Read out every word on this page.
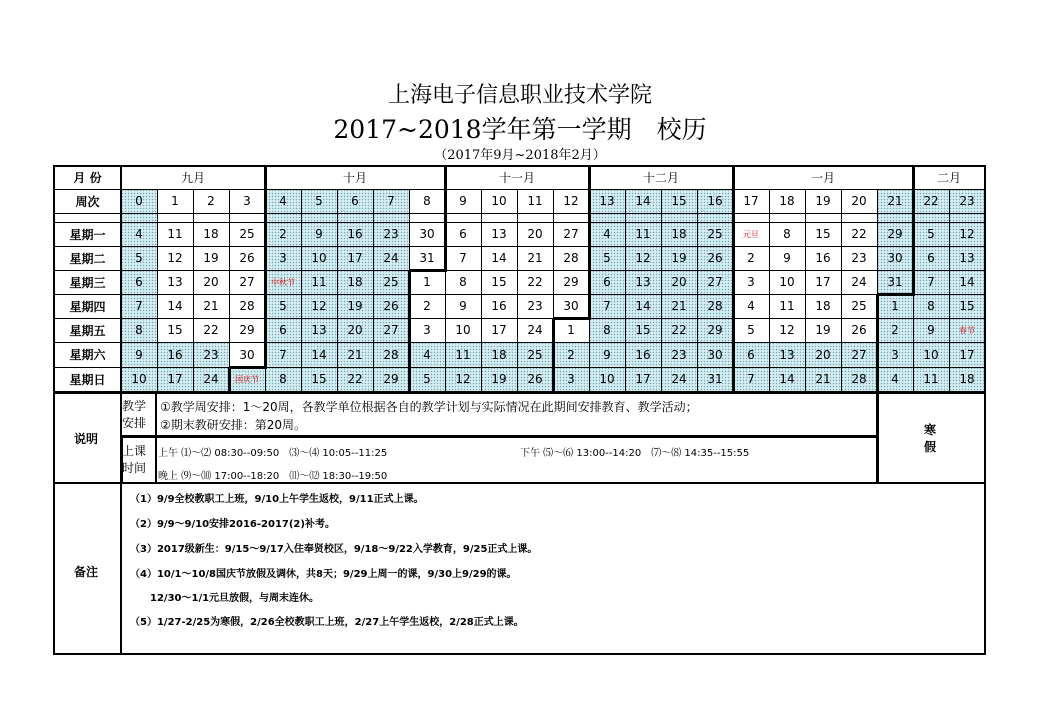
上海电子信息职业技术学院
2017~2018学年第一学期　校历
（2017年9月~2018年2月）
月 份
周次
九月	十月	十一月	十二月	一月	二月
0	1	2	3	4	5	6	7	8	9	10	11	12	13	14	15	16	17	18	19	20	21	22	23
星期一	4	11	18	25	2	9	16	23	30	6	13	20	27	4	11	18	25	元旦	8	15	22	29	5	12
星期二	5	12	19	26	3	10	17	24	31	7	14	21	28	5	12	19	26	2	9	16	23	30	6	13
星期三	6	13	20	27	中秋节	11	18	25	1	8	15	22	29	6	13	20	27	3	10	17	24	31	7	14
星期四	7	14	21	28	5	12	19	26	2	9	16	23	30	7	14	21	28	4	11	18	25	1	8	15
星期五	8	15	22	29	6	13	20	27	3	10	17	24	1	8	15	22	29	5	12	19	26	2	9	春节
星期六	9	16	23	30	7	14	21	28	4	11	18	25	2	9	16	23	30	6	13	20	27	3	10	17
星期日	10	17	24	国庆节	8	15	22	29	5	12	19	26	3	10	17	24	31	7	14	21	28	4	11	18
说明
教学安排
①教学周安排：1～20周，各教学单位根据各自的教学计划与实际情况在此期间安排教育、教学活动；
②期末教研安排：第20周。
上课时间
上午 ⑴～⑵ 08:30--09:50　⑶～⑷ 10:05--11:25	下午 ⑸～⑹ 13:00--14:20　⑺～⑻ 14:35--15:55
晚上 ⑼～⑽ 17:00--18:20　⑾～⑿ 18:30--19:50
寒假
备注
（1）9/9全校教职工上班，9/10上午学生返校，9/11正式上课。
（2）9/9～9/10安排2016-2017(2)补考。
（3）2017级新生：9/15～9/17入住奉贤校区，9/18～9/22入学教育，9/25正式上课。
（4）10/1～10/8国庆节放假及调休，共8天；9/29上周一的课，9/30上9/29的课。
　　12/30～1/1元旦放假，与周末连休。
（5）1/27-2/25为寒假，2/26全校教职工上班，2/27上午学生返校，2/28正式上课。
